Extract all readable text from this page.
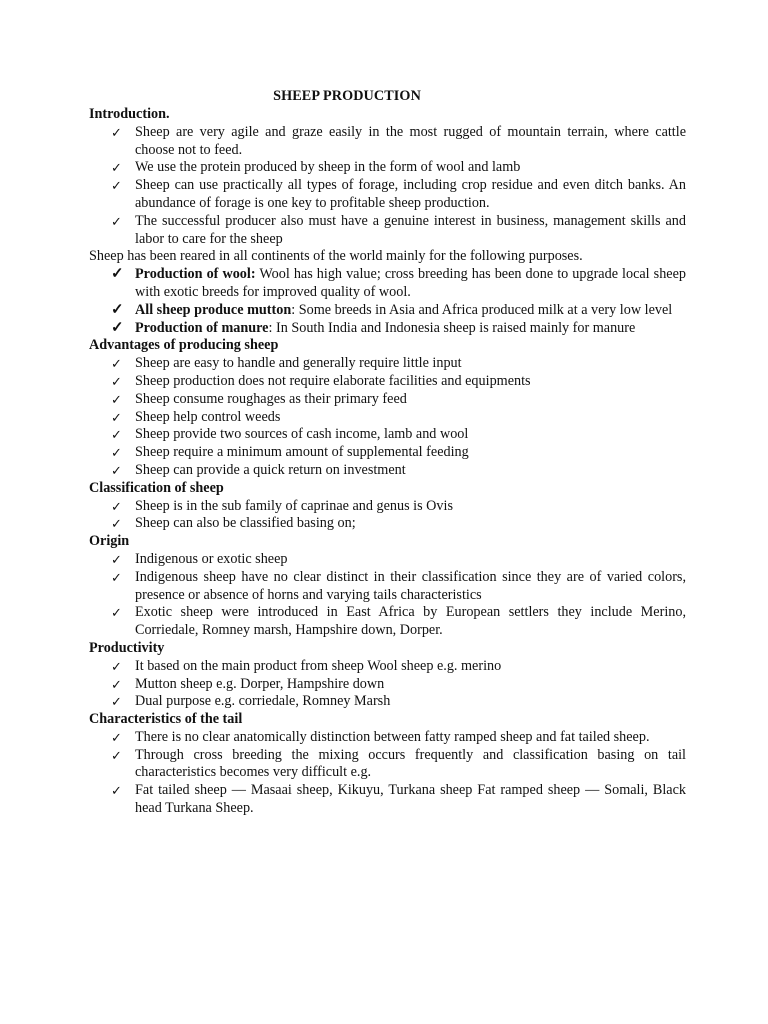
SHEEP PRODUCTION

Introduction.

✓ Sheep are very agile and graze easily in the most rugged of mountain terrain, where cattle choose not to feed.
✓ We use the protein produced by sheep in the form of wool and lamb
✓ Sheep can use practically all types of forage, including crop residue and even ditch banks. An abundance of forage is one key to profitable sheep production.
✓ The successful producer also must have a genuine interest in business, management skills and labor to care for the sheep

Sheep has been reared in all continents of the world mainly for the following purposes.

✓ Production of wool: Wool has high value; cross breeding has been done to upgrade local sheep with exotic breeds for improved quality of wool.
✓ All sheep produce mutton: Some breeds in Asia and Africa produced milk at a very low level
✓ Production of manure: In South India and Indonesia sheep is raised mainly for manure

Advantages of producing sheep

✓ Sheep are easy to handle and generally require little input
✓ Sheep production does not require elaborate facilities and equipments
✓ Sheep consume roughages as their primary feed
✓ Sheep help control weeds
✓ Sheep provide two sources of cash income, lamb and wool
✓ Sheep require a minimum amount of supplemental feeding
✓ Sheep can provide a quick return on investment

Classification of sheep

✓ Sheep is in the sub family of caprinae and genus is Ovis
✓ Sheep can also be classified basing on;

Origin

✓ Indigenous or exotic sheep
✓ Indigenous sheep have no clear distinct in their classification since they are of varied colors, presence or absence of horns and varying tails characteristics
✓ Exotic sheep were introduced in East Africa by European settlers they include Merino, Corriedale, Romney marsh, Hampshire down, Dorper.

Productivity

✓ It based on the main product from sheep Wool sheep e.g. merino
✓ Mutton sheep e.g. Dorper, Hampshire down
✓ Dual purpose e.g. corriedale, Romney Marsh

Characteristics of the tail

✓ There is no clear anatomically distinction between fatty ramped sheep and fat tailed sheep.
✓ Through cross breeding the mixing occurs frequently and classification basing on tail characteristics becomes very difficult e.g.
✓ Fat tailed sheep — Masaai sheep, Kikuyu, Turkana sheep Fat ramped sheep — Somali, Black head Turkana Sheep.
